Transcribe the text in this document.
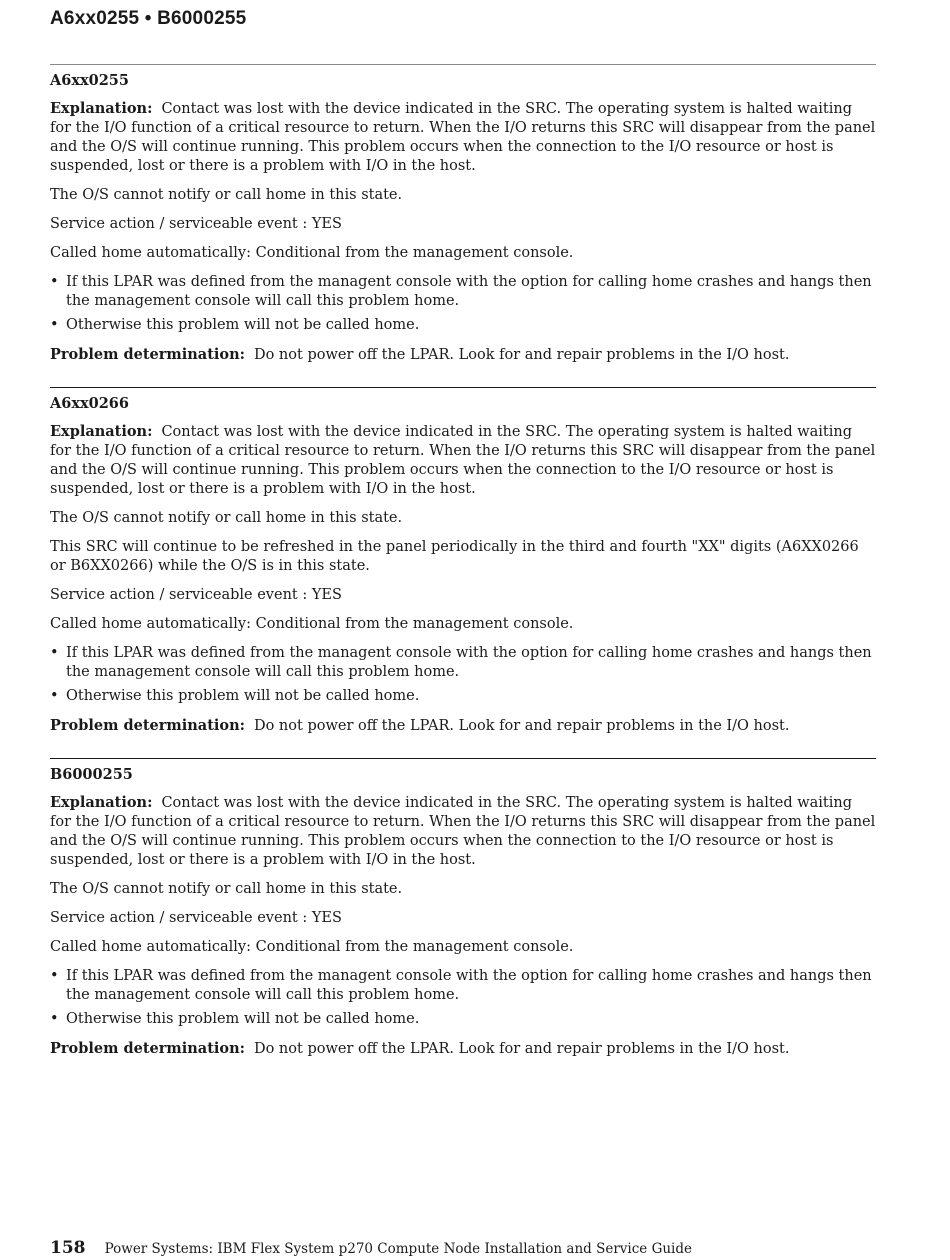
A6xx0255 • B6000255

A6xx0255

Explanation: Contact was lost with the device indicated in the SRC. The operating system is halted waiting for the I/O function of a critical resource to return. When the I/O returns this SRC will disappear from the panel and the O/S will continue running. This problem occurs when the connection to the I/O resource or host is suspended, lost or there is a problem with I/O in the host.

The O/S cannot notify or call home in this state.

Service action / serviceable event : YES

Called home automatically: Conditional from the management console.

• If this LPAR was defined from the managent console with the option for calling home crashes and hangs then the management console will call this problem home.
• Otherwise this problem will not be called home.

Problem determination: Do not power off the LPAR. Look for and repair problems in the I/O host.

A6xx0266

Explanation: Contact was lost with the device indicated in the SRC. The operating system is halted waiting for the I/O function of a critical resource to return. When the I/O returns this SRC will disappear from the panel and the O/S will continue running. This problem occurs when the connection to the I/O resource or host is suspended, lost or there is a problem with I/O in the host.

The O/S cannot notify or call home in this state.

This SRC will continue to be refreshed in the panel periodically in the third and fourth "XX" digits (A6XX0266 or B6XX0266) while the O/S is in this state.

Service action / serviceable event : YES

Called home automatically: Conditional from the management console.

• If this LPAR was defined from the managent console with the option for calling home crashes and hangs then the management console will call this problem home.
• Otherwise this problem will not be called home.

Problem determination: Do not power off the LPAR. Look for and repair problems in the I/O host.

B6000255

Explanation: Contact was lost with the device indicated in the SRC. The operating system is halted waiting for the I/O function of a critical resource to return. When the I/O returns this SRC will disappear from the panel and the O/S will continue running. This problem occurs when the connection to the I/O resource or host is suspended, lost or there is a problem with I/O in the host.

The O/S cannot notify or call home in this state.

Service action / serviceable event : YES

Called home automatically: Conditional from the management console.

• If this LPAR was defined from the managent console with the option for calling home crashes and hangs then the management console will call this problem home.
• Otherwise this problem will not be called home.

Problem determination: Do not power off the LPAR. Look for and repair problems in the I/O host.

158 Power Systems: IBM Flex System p270 Compute Node Installation and Service Guide
